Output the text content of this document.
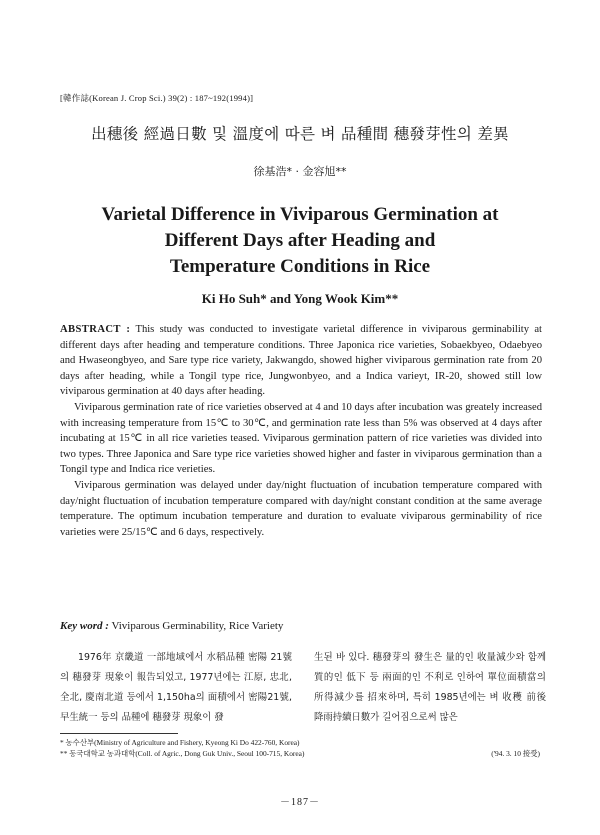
[韓作誌(Korean J. Crop Sci.) 39(2) : 187~192(1994)]
出穗後 經過日數 및 溫度에 따른 벼 品種間 穗發芽性의 差異
徐基浩* · 金容旭**
Varietal Difference in Viviparous Germination at
Different Days after Heading and
Temperature Conditions in Rice
Ki Ho Suh* and Yong Wook Kim**

ABSTRACT : This study was conducted to investigate varietal difference in viviparous germinability at different days after heading and temperature conditions. Three Japonica rice varieties, Sobaekbyeo, Odaebyeo and Hwaseongbyeo, and Sare type rice variety, Jakwangdo, showed higher viviparous germination rate from 20 days after heading, while a Tongil type rice, Jungwonbyeo, and a Indica varieyt, IR-20, showed still low viviparous germination at 40 days after heading.

Viviparous germination rate of rice varieties observed at 4 and 10 days after incubation was greately increased with increasing temperature from 15℃ to 30℃, and germination rate less than 5% was observed at 4 days after incubating at 15℃ in all rice varieties teased. Viviparous germination pattern of rice varieties was divided into two types. Three Japonica and Sare type rice varieties showed higher and faster in viviparous germination than a Tongil type and Indica rice verieties.

Viviparous germination was delayed under day/night fluctuation of incubation temperature compared with day/night fluctuation of incubation temperature compared with day/night constant condition at the same average temperature. The optimum incubation temperature and duration to evaluate viviparous germinability of rice varieties were 25/15℃ and 6 days, respectively.

Key word : Viviparous Germinability, Rice Variety

1976年 京畿道 一部地域에서 水稻品種 密陽 21號의 穗發芽 現象이 報告되었고, 1977년에는 江原, 忠北, 全北, 慶南北道 등에서 1,150ha의 面積에서 密陽21號, 早生統一 등의 品種에 穗發芽 現象이 發

生된 바 있다. 穗發芽의 發生은 量的인 收量減少와 함께 質的인 低下 등 兩面的인 不利로 인하여 單位面積當의 所得減少를 招來하며, 특히 1985년에는 벼 收穫 前後 降雨持續日數가 길어짐으로써 많은

* 농수산부(Ministry of Agriculture and Fishery, Kyeong Ki Do 422-760, Korea)
** 동국대학교 농과대학(Coll. of Agric., Dong Guk Univ., Seoul 100-715, Korea)	('94. 3. 10 接受)
－187－
